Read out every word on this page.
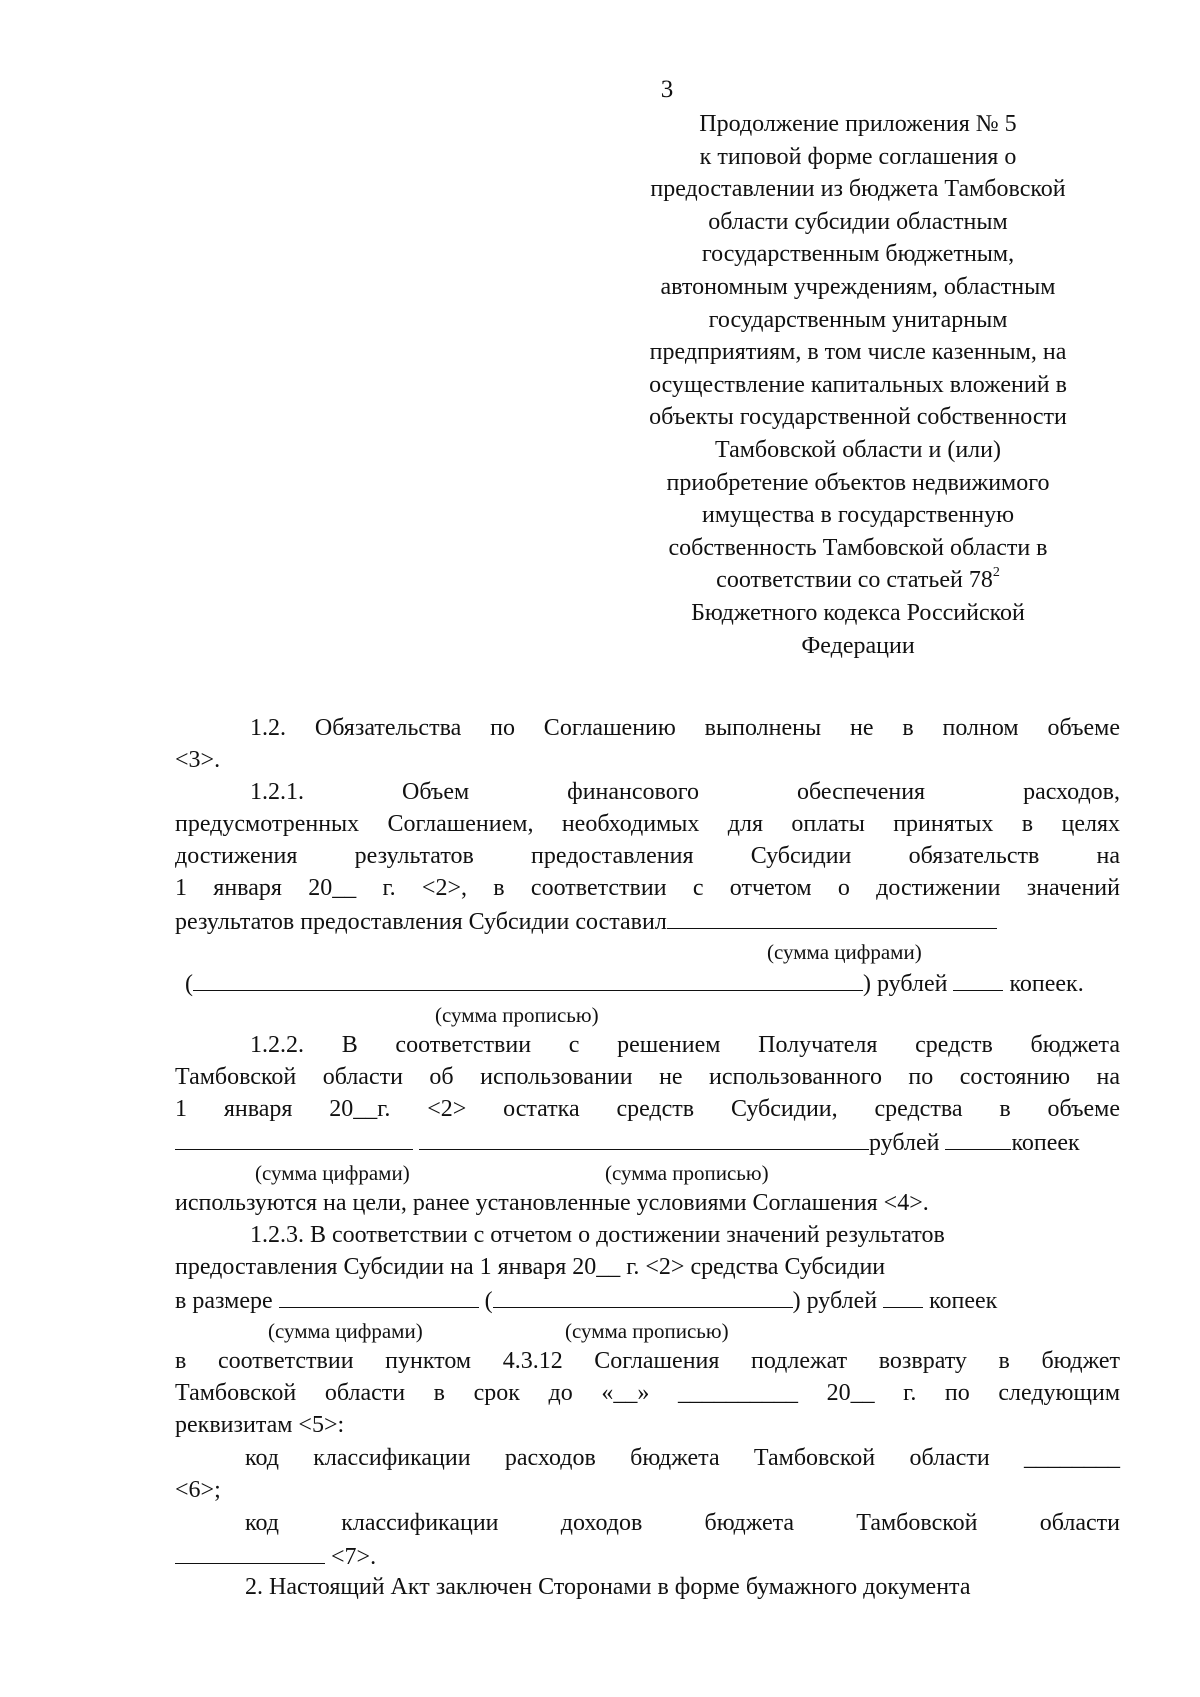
3
Продолжение приложения № 5
к типовой форме соглашения о
предоставлении из бюджета Тамбовской
области субсидии областным
государственным бюджетным,
автономным учреждениям, областным
государственным унитарным
предприятиям, в том числе казенным, на
осуществление капитальных вложений в
объекты государственной собственности
Тамбовской области и (или)
приобретение объектов недвижимого
имущества в государственную
собственность Тамбовской области в
соответствии со статьей $78^2$
Бюджетного кодекса Российской
Федерации
1.2. Обязательства по Соглашению выполнены не в полном объеме
<3>.
1.2.1. Объем финансового обеспечения расходов,
предусмотренных Соглашением, необходимых для оплаты принятых в целях
достижения результатов предоставления Субсидии обязательств на
1 января 20__ г. <2>, в соответствии с отчетом о достижении значений
результатов предоставления Субсидии составил
(сумма цифрами)
(	) рублей	копеек.
(сумма прописью)
1.2.2. В соответствии с решением Получателя средств бюджета
Тамбовской области об использовании не использованного по состоянию на
1 января 20__г. <2> остатка средств Субсидии, средства в объеме
рублей	копеек
(сумма цифрами)	(сумма прописью)
используются на цели, ранее установленные условиями Соглашения <4>.
1.2.3. В соответствии с отчетом о достижении значений результатов
предоставления Субсидии на 1 января 20__ г. <2> средства Субсидии
в размере	(	) рублей копеек
(сумма цифрами)	(сумма прописью)
в соответствии пунктом 4.3.12 Соглашения подлежат возврату в бюджет
Тамбовской области в срок до «__» __________ 20__ г. по следующим
реквизитам <5>:
код классификации расходов бюджета Тамбовской области ________
<6>;
код классификации доходов бюджета Тамбовской области
<7>.
2. Настоящий Акт заключен Сторонами в форме бумажного документа
